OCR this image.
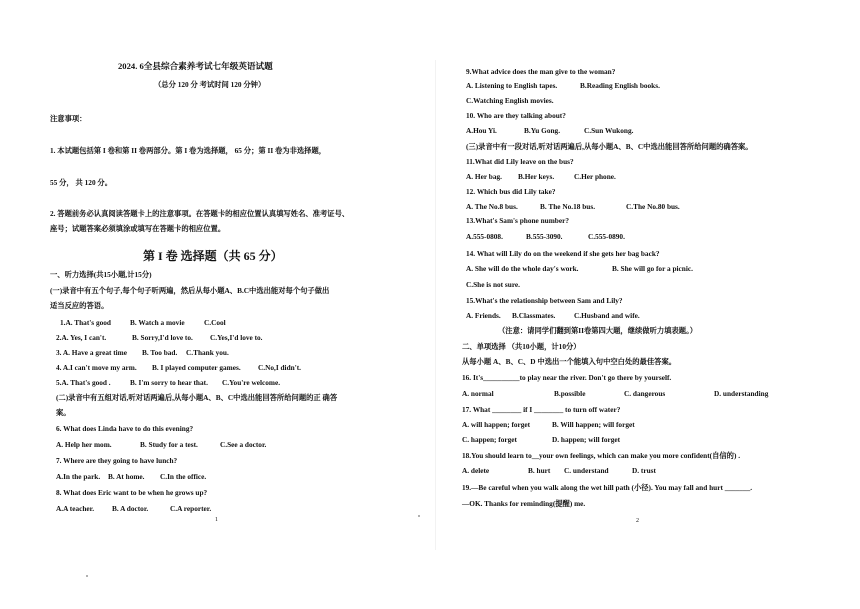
2024. 6全县综合素养考试七年级英语试题
（总分 120 分 考试时间 120 分钟）
注意事项：
1. 本试题包括第 I 卷和第 II 卷两部分。第 I 卷为选择题， 65 分；第 II 卷为非选择题，
55 分， 共 120 分。
2. 答题前务必认真阅读答题卡上的注意事项。在答题卡的相应位置认真填写姓名、准考证号、
座号；试题答案必须填涂或填写在答题卡的相应位置。
第 I 卷 选择题（共 65 分）
一、听力选择(共15小题,计15分)
(一)录音中有五个句子,每个句子听两遍，然后从每小题A、B.C中选出能对每个句子做出
适当反应的答语。
1.A. That's good	B. Watch a movie	C.Cool
2.A. Yes, I can't.	B. Sorry,I'd love to. C.Yes,I'd love to.
3. A. Have a great time B. Too bad. C.Thank you.
4. A.I can't move my arm. B. I played computer games. C.No,I didn't.
5.A. That's good .	B. I'm sorry to hear that. C.You're welcome.
(二)录音中有五组对话,听对话两遍后,从每小题A、B、C中选出能回答所给问题的正 确答
案。
6. What does Linda have to do this evening?
A. Help her mom.	B. Study for a test.	C.See a doctor.
7. Where are they going to have lunch?
A.In the park. B. At home. C.In the office.
8. What does Eric want to be when he grows up?
A.A teacher. B. A doctor.	C.A reporter.
1
9.What advice does the man give to the woman?
A. Listening to English tapes.	B.Reading English books.
C.Watching English movies.
10. Who are they talking about?
A.Hou Yi.	B.Yu Gong.	C.Sun Wukong.
(三)录音中有一段对话,听对话两遍后,从每小题A、B、C中选出能回答所给问题的确答案。
11.What did Lily leave on the bus?
A. Her bag. B.Her keys.	C.Her phone.
12. Which bus did Lily take?
A. The No.8 bus.	B. The No.18 bus.	C.The No.80 bus.
13.What's Sam's phone number?
A.555-0808.	B.555-3090.	C.555-0890.
14. What will Lily do on the weekend if she gets her bag back?
A. She will do the whole day's work.	B. She will go for a picnic.
C.She is not sure.
15.What's the relationship between Sam and Lily?
A. Friends. B.Classmates.	C.Husband and wife.
（注意：请同学们翻到第II卷第四大题，继续做听力填表题。）
二、单项选择 （共10小题，计10分）
从每小题 A、B、C、D 中选出一个能填入句中空白处的最佳答案。
16. It's__________to play near the river. Don't go there by yourself.
A. normal	B.possible	C. dangerous	D. understanding
17. What ________ if I ________ to turn off water?
A. will happen; forget	B. Will happen; will forget
C. happen; forget	D. happen; will forget
18.You should learn to__your own feelings, which can make you more confident(自信的) .
A. delete	B. hurt C. understand	D. trust
19.—Be careful when you walk along the wet hill path (小径). You may fall and hurt _______.
—OK. Thanks for reminding(提醒) me.
2
